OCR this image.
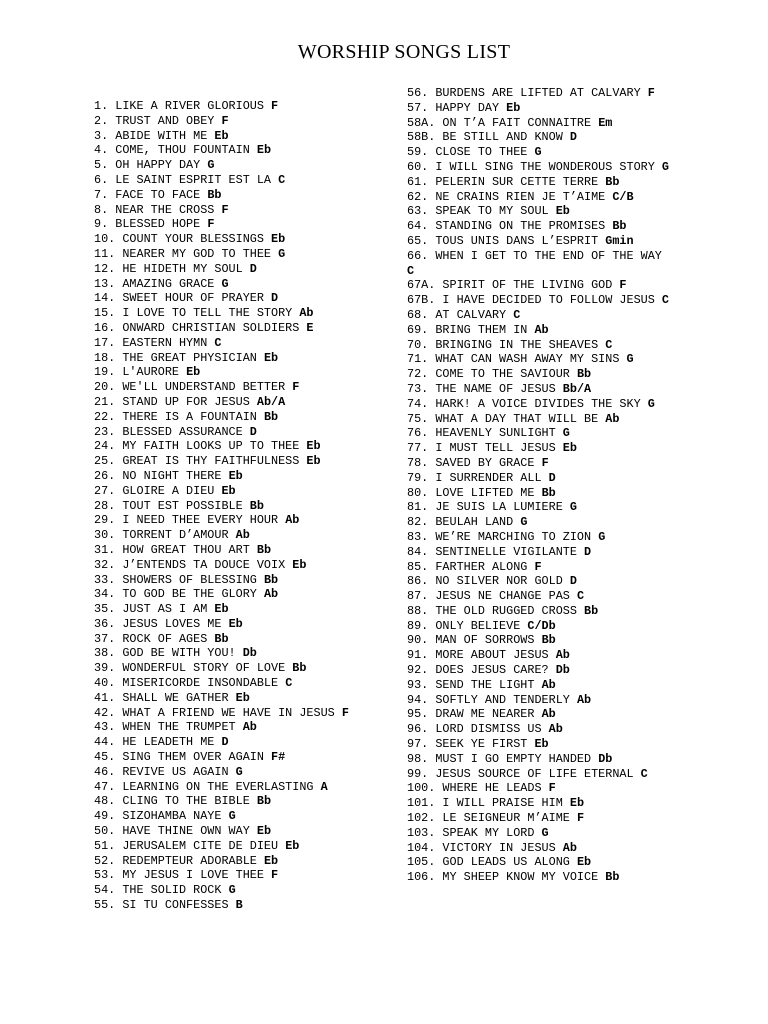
WORSHIP SONGS LIST
1. LIKE A RIVER GLORIOUS F
2. TRUST AND OBEY F
3. ABIDE WITH ME Eb
4. COME, THOU FOUNTAIN Eb
5. OH HAPPY DAY G
6. LE SAINT ESPRIT EST LA C
7. FACE TO FACE Bb
8. NEAR THE CROSS F
9. BLESSED HOPE F
10. COUNT YOUR BLESSINGS Eb
11. NEARER MY GOD TO THEE G
12. HE HIDETH MY SOUL D
13. AMAZING GRACE G
14. SWEET HOUR OF PRAYER D
15. I LOVE TO TELL THE STORY Ab
16. ONWARD CHRISTIAN SOLDIERS E
17. EASTERN HYMN C
18. THE GREAT PHYSICIAN Eb
19. L'AURORE Eb
20. WE'LL UNDERSTAND BETTER F
21. STAND UP FOR JESUS Ab/A
22. THERE IS A FOUNTAIN Bb
23. BLESSED ASSURANCE D
24. MY FAITH LOOKS UP TO THEE Eb
25. GREAT IS THY FAITHFULNESS Eb
26. NO NIGHT THERE Eb
27. GLOIRE A DIEU Eb
28. TOUT EST POSSIBLE Bb
29. I NEED THEE EVERY HOUR Ab
30. TORRENT D’AMOUR Ab
31. HOW GREAT THOU ART Bb
32. J’ENTENDS TA DOUCE VOIX Eb
33. SHOWERS OF BLESSING Bb
34. TO GOD BE THE GLORY Ab
35. JUST AS I AM Eb
36. JESUS LOVES ME Eb
37. ROCK OF AGES Bb
38. GOD BE WITH YOU! Db
39. WONDERFUL STORY OF LOVE Bb
40. MISERICORDE INSONDABLE C
41. SHALL WE GATHER Eb
42. WHAT A FRIEND WE HAVE IN JESUS F
43. WHEN THE TRUMPET Ab
44. HE LEADETH ME D
45. SING THEM OVER AGAIN F#
46. REVIVE US AGAIN G
47. LEARNING ON THE EVERLASTING A
48. CLING TO THE BIBLE Bb
49. SIZOHAMBA NAYE G
50. HAVE THINE OWN WAY Eb
51. JERUSALEM CITE DE DIEU Eb
52. REDEMPTEUR ADORABLE Eb
53. MY JESUS I LOVE THEE F
54. THE SOLID ROCK G
55. SI TU CONFESSES B
56. BURDENS ARE LIFTED AT CALVARY F
57. HAPPY DAY Eb
58A. ON T’A FAIT CONNAITRE Em
58B. BE STILL AND KNOW D
59. CLOSE TO THEE G
60. I WILL SING THE WONDEROUS STORY G
61. PELERIN SUR CETTE TERRE Bb
62. NE CRAINS RIEN JE T’AIME C/B
63. SPEAK TO MY SOUL Eb
64. STANDING ON THE PROMISES Bb
65. TOUS UNIS DANS L’ESPRIT Gmin
66. WHEN I GET TO THE END OF THE WAY C
67A. SPIRIT OF THE LIVING GOD F
67B. I HAVE DECIDED TO FOLLOW JESUS C
68. AT CALVARY C
69. BRING THEM IN Ab
70. BRINGING IN THE SHEAVES C
71. WHAT CAN WASH AWAY MY SINS G
72. COME TO THE SAVIOUR Bb
73. THE NAME OF JESUS Bb/A
74. HARK! A VOICE DIVIDES THE SKY G
75. WHAT A DAY THAT WILL BE Ab
76. HEAVENLY SUNLIGHT G
77. I MUST TELL JESUS Eb
78. SAVED BY GRACE F
79. I SURRENDER ALL D
80. LOVE LIFTED ME Bb
81. JE SUIS LA LUMIERE G
82. BEULAH LAND G
83. WE’RE MARCHING TO ZION G
84. SENTINELLE VIGILANTE D
85. FARTHER ALONG F
86. NO SILVER NOR GOLD D
87. JESUS NE CHANGE PAS C
88. THE OLD RUGGED CROSS Bb
89. ONLY BELIEVE C/Db
90. MAN OF SORROWS Bb
91. MORE ABOUT JESUS Ab
92. DOES JESUS CARE? Db
93. SEND THE LIGHT Ab
94. SOFTLY AND TENDERLY Ab
95. DRAW ME NEARER Ab
96. LORD DISMISS US Ab
97. SEEK YE FIRST Eb
98. MUST I GO EMPTY HANDED Db
99. JESUS SOURCE OF LIFE ETERNAL C
100. WHERE HE LEADS F
101. I WILL PRAISE HIM Eb
102. LE SEIGNEUR M’AIME F
103. SPEAK MY LORD G
104. VICTORY IN JESUS Ab
105. GOD LEADS US ALONG Eb
106. MY SHEEP KNOW MY VOICE Bb
